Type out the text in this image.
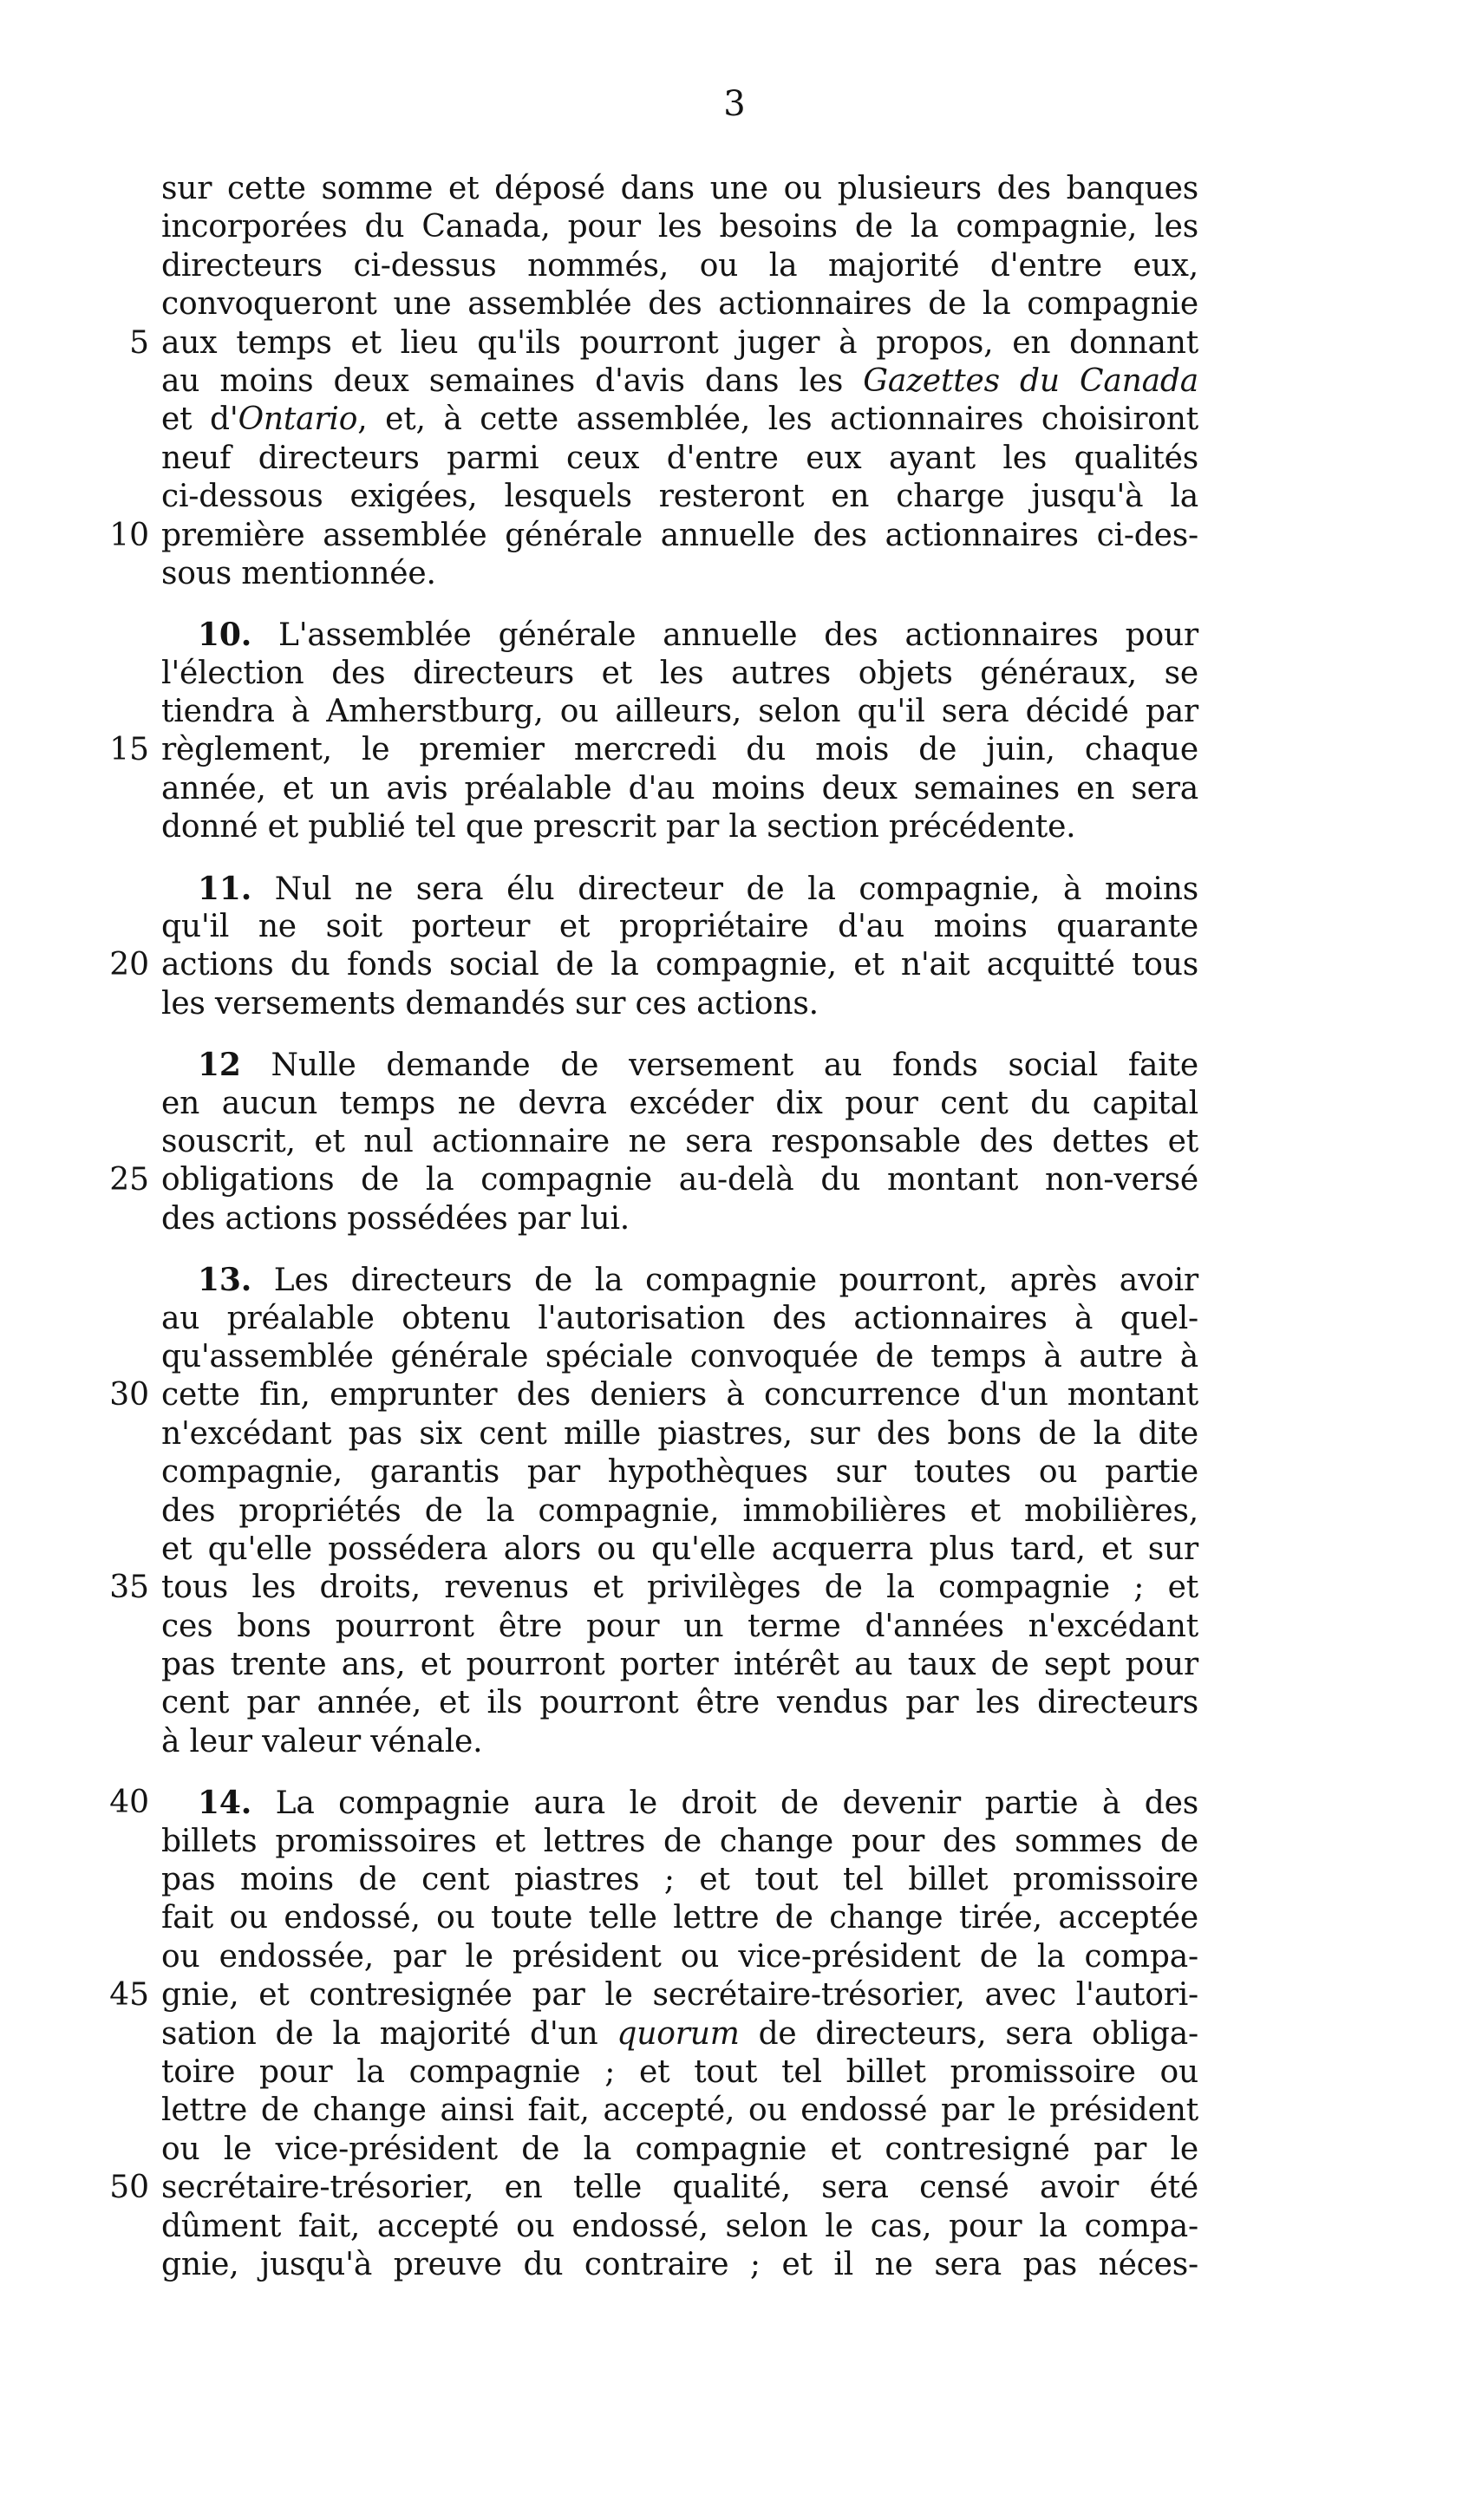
3
sur cette somme et déposé dans une ou plusieurs des banques
incorporées du Canada, pour les besoins de la compagnie, les
directeurs ci-dessus nommés, ou la majorité d'entre eux,
convoqueront une assemblée des actionnaires de la compagnie
5 aux temps et lieu qu'ils pourront juger à propos, en donnant
au moins deux semaines d'avis dans les Gazettes du Canada
et d'Ontario, et, à cette assemblée, les actionnaires choisiront
neuf directeurs parmi ceux d'entre eux ayant les qualités
ci-dessous exigées, lesquels resteront en charge jusqu'à la
10 première assemblée générale annuelle des actionnaires ci-des-
sous mentionnée.
10. L'assemblée générale annuelle des actionnaires pour
l'élection des directeurs et les autres objets généraux, se
tiendra à Amherstburg, ou ailleurs, selon qu'il sera décidé par
15 règlement, le premier mercredi du mois de juin, chaque
année, et un avis préalable d'au moins deux semaines en sera
donné et publié tel que prescrit par la section précédente.
11. Nul ne sera élu directeur de la compagnie, à moins
qu'il ne soit porteur et propriétaire d'au moins quarante
20 actions du fonds social de la compagnie, et n'ait acquitté tous
les versements demandés sur ces actions.
12 Nulle demande de versement au fonds social faite
en aucun temps ne devra excéder dix pour cent du capital
souscrit, et nul actionnaire ne sera responsable des dettes et
25 obligations de la compagnie au-delà du montant non-versé
des actions possédées par lui.
13. Les directeurs de la compagnie pourront, après avoir
au préalable obtenu l'autorisation des actionnaires à quel-
qu'assemblée générale spéciale convoquée de temps à autre à
30 cette fin, emprunter des deniers à concurrence d'un montant
n'excédant pas six cent mille piastres, sur des bons de la dite
compagnie, garantis par hypothèques sur toutes ou partie
des propriétés de la compagnie, immobilières et mobilières,
et qu'elle possédera alors ou qu'elle acquerra plus tard, et sur
35 tous les droits, revenus et privilèges de la compagnie ; et
ces bons pourront être pour un terme d'années n'excédant
pas trente ans, et pourront porter intérêt au taux de sept pour
cent par année, et ils pourront être vendus par les directeurs
à leur valeur vénale.
40	14. La compagnie aura le droit de devenir partie à des
billets promissoires et lettres de change pour des sommes de
pas moins de cent piastres ; et tout tel billet promissoire
fait ou endossé, ou toute telle lettre de change tirée, acceptée
ou endossée, par le président ou vice-président de la compa-
45 gnie, et contresignée par le secrétaire-trésorier, avec l'autori-
sation de la majorité d'un quorum de directeurs, sera obliga-
toire pour la compagnie ; et tout tel billet promissoire ou
lettre de change ainsi fait, accepté, ou endossé par le président
ou le vice-président de la compagnie et contresigné par le
50 secrétaire-trésorier, en telle qualité, sera censé avoir été
dûment fait, accepté ou endossé, selon le cas, pour la compa-
gnie, jusqu'à preuve du contraire ; et il ne sera pas néces-
